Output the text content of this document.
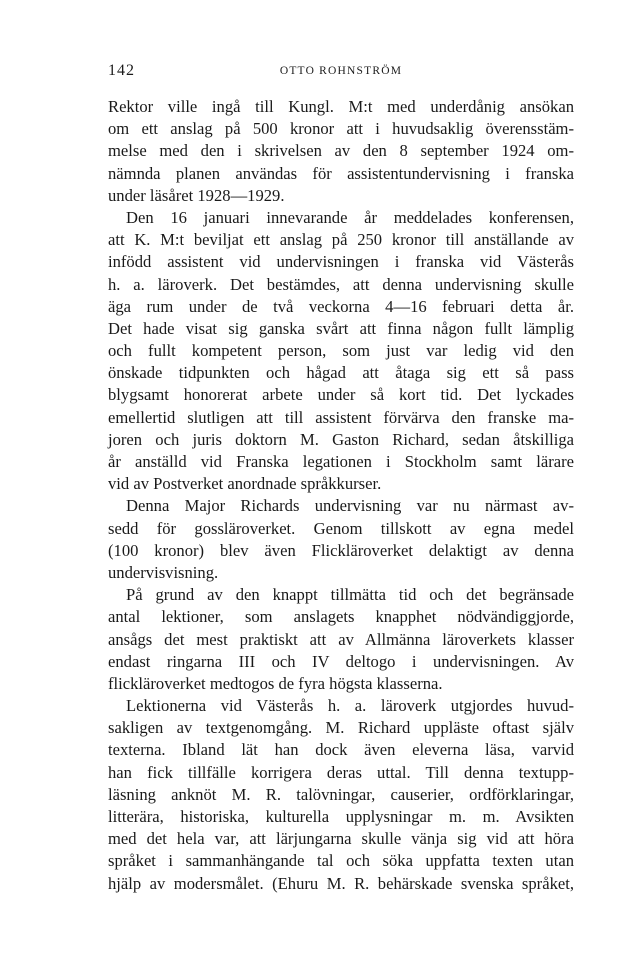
142	OTTO ROHNSTRÖM
Rektor ville ingå till Kungl. M:t med underdånig ansökan
om ett anslag på 500 kronor att i huvudsaklig överensstäm-
melse med den i skrivelsen av den 8 september 1924 om-
nämnda planen användas för assistentundervisning i franska
under läsåret 1928—1929.
Den 16 januari innevarande år meddelades konferensen,
att K. M:t beviljat ett anslag på 250 kronor till anställande av
infödd assistent vid undervisningen i franska vid Västerås
h. a. läroverk. Det bestämdes, att denna undervisning skulle
äga rum under de två veckorna 4—16 februari detta år.
Det hade visat sig ganska svårt att finna någon fullt lämplig
och fullt kompetent person, som just var ledig vid den
önskade tidpunkten och hågad att åtaga sig ett så pass
blygsamt honorerat arbete under så kort tid. Det lyckades
emellertid slutligen att till assistent förvärva den franske ma-
joren och juris doktorn M. Gaston Richard, sedan åtskilliga
år anställd vid Franska legationen i Stockholm samt lärare
vid av Postverket anordnade språkkurser.
Denna Major Richards undervisning var nu närmast av-
sedd för gossläroverket. Genom tillskott av egna medel
(100 kronor) blev även Flickläroverket delaktigt av denna
undervisvisning.
På grund av den knappt tillmätta tid och det begränsade
antal lektioner, som anslagets knapphet nödvändiggjorde,
ansågs det mest praktiskt att av Allmänna läroverkets klasser
endast ringarna III och IV deltogo i undervisningen. Av
flickläroverket medtogos de fyra högsta klasserna.
Lektionerna vid Västerås h. a. läroverk utgjordes huvud-
sakligen av textgenomgång. M. Richard uppläste oftast själv
texterna. Ibland lät han dock även eleverna läsa, varvid
han fick tillfälle korrigera deras uttal. Till denna textupp-
läsning anknöt M. R. talövningar, causerier, ordförklaringar,
litterära, historiska, kulturella upplysningar m. m. Avsikten
med det hela var, att lärjungarna skulle vänja sig vid att höra
språket i sammanhängande tal och söka uppfatta texten utan
hjälp av modersmålet. (Ehuru M. R. behärskade svenska språket,
